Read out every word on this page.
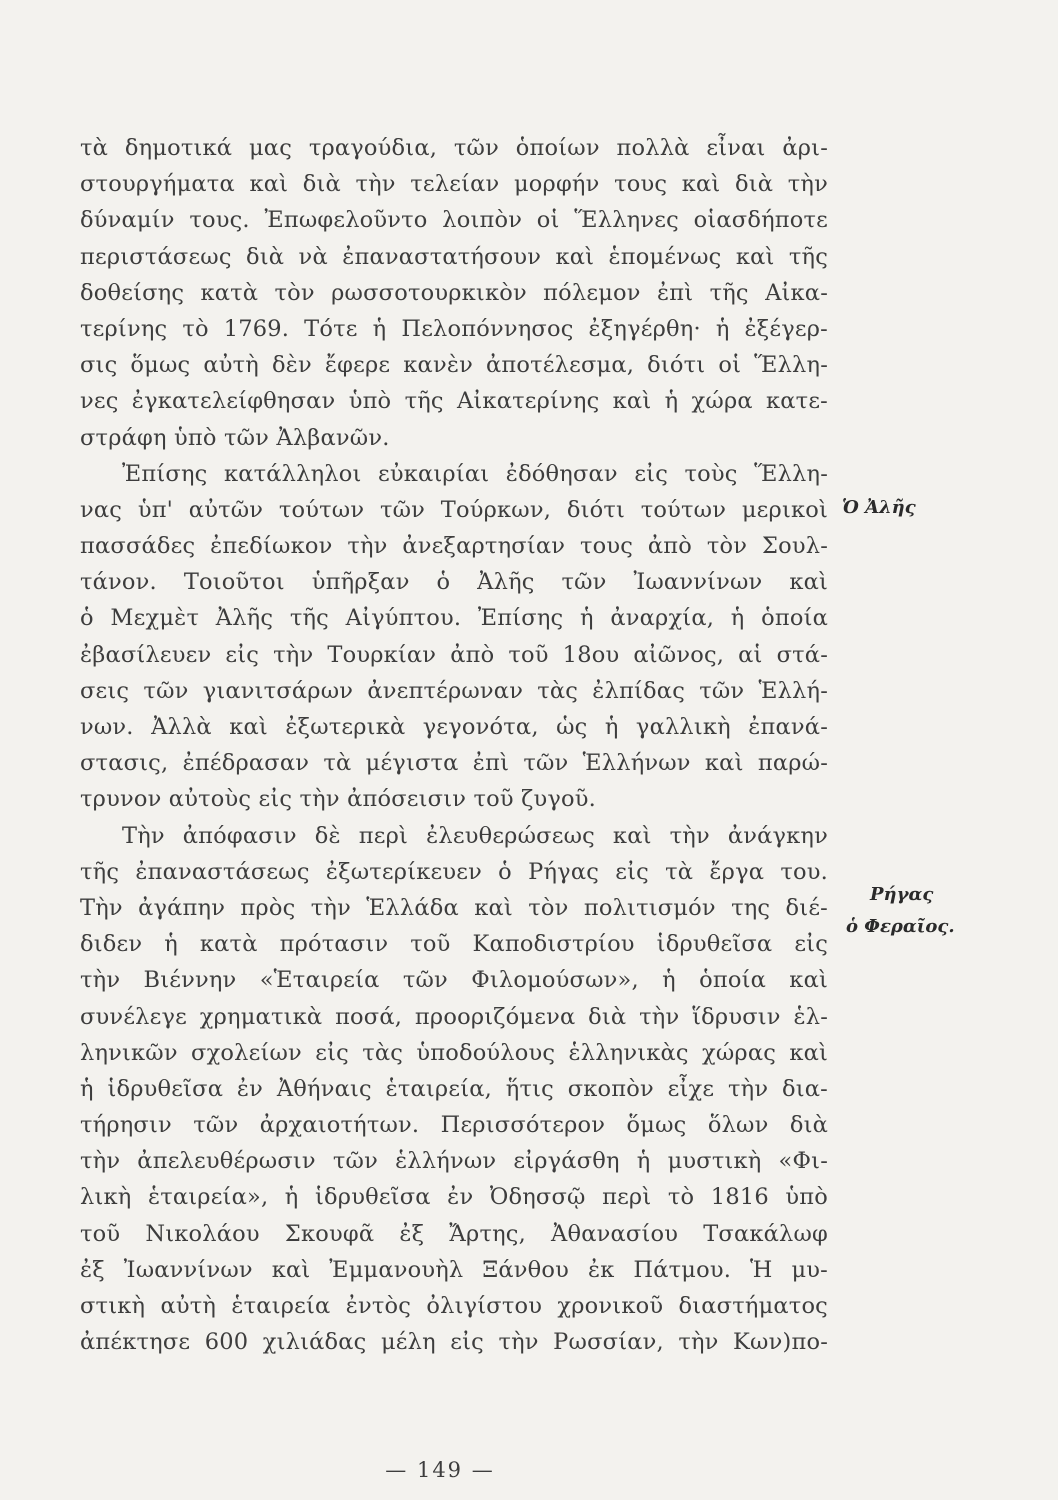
τὰ δημοτικά μας τραγούδια, τῶν ὁποίων πολλὰ εἶναι ἀρι-
στουργήματα καὶ διὰ τὴν τελείαν μορφήν τους καὶ διὰ τὴν
δύναμίν τους. Ἐπωφελοῦντο λοιπὸν οἱ Ἕλληνες οἱασδήποτε
περιστάσεως διὰ νὰ ἐπαναστατήσουν καὶ ἑπομένως καὶ τῆς
δοθείσης κατὰ τὸν ρωσσοτουρκικὸν πόλεμον ἐπὶ τῆς Αἰκα-
τερίνης τὸ 1769. Τότε ἡ Πελοπόννησος ἐξηγέρθη· ἡ ἐξέγερ-
σις ὅμως αὐτὴ δὲν ἔφερε κανὲν ἀποτέλεσμα, διότι οἱ Ἕλλη-
νες ἐγκατελείφθησαν ὑπὸ τῆς Αἰκατερίνης καὶ ἡ χώρα κατε-
στράφη ὑπὸ τῶν Ἀλβανῶν.
Ἐπίσης κατάλληλοι εὐκαιρίαι ἐδόθησαν εἰς τοὺς Ἕλλη-
νας ὑπ' αὐτῶν τούτων τῶν Τούρκων, διότι τούτων μερικοὶ
πασσάδες ἐπεδίωκον τὴν ἀνεξαρτησίαν τους ἀπὸ τὸν Σουλ-
τάνον. Τοιοῦτοι ὑπῆρξαν ὁ Ἀλῆς τῶν Ἰωαννίνων καὶ
ὁ Μεχμὲτ Ἀλῆς τῆς Αἰγύπτου. Ἐπίσης ἡ ἀναρχία, ἡ ὁποία
ἐβασίλευεν εἰς τὴν Τουρκίαν ἀπὸ τοῦ 18ου αἰῶνος, αἱ στά-
σεις τῶν γιανιτσάρων ἀνεπτέρωναν τὰς ἐλπίδας τῶν Ἑλλή-
νων. Ἀλλὰ καὶ ἐξωτερικὰ γεγονότα, ὡς ἡ γαλλικὴ ἐπανά-
στασις, ἐπέδρασαν τὰ μέγιστα ἐπὶ τῶν Ἑλλήνων καὶ παρώ-
τρυνον αὐτοὺς εἰς τὴν ἀπόσεισιν τοῦ ζυγοῦ.
Τὴν ἀπόφασιν δὲ περὶ ἐλευθερώσεως καὶ τὴν ἀνάγκην
τῆς ἐπαναστάσεως ἐξωτερίκευεν ὁ Ρήγας εἰς τὰ ἔργα του.
Τὴν ἀγάπην πρὸς τὴν Ἑλλάδα καὶ τὸν πολιτισμόν της διέ-
διδεν ἡ κατὰ πρότασιν τοῦ Καποδιστρίου ἱδρυθεῖσα εἰς
τὴν Βιέννην «Ἑταιρεία τῶν Φιλομούσων», ἡ ὁποία καὶ
συνέλεγε χρηματικὰ ποσά, προοριζόμενα διὰ τὴν ἵδρυσιν ἑλ-
ληνικῶν σχολείων εἰς τὰς ὑποδούλους ἑλληνικὰς χώρας καὶ
ἡ ἱδρυθεῖσα ἐν Ἀθήναις ἑταιρεία, ἥτις σκοπὸν εἶχε τὴν δια-
τήρησιν τῶν ἀρχαιοτήτων. Περισσότερον ὅμως ὅλων διὰ
τὴν ἀπελευθέρωσιν τῶν ἑλλήνων εἰργάσθη ἡ μυστικὴ «Φι-
λικὴ ἑταιρεία», ἡ ἱδρυθεῖσα ἐν Ὀδησσῷ περὶ τὸ 1816 ὑπὸ
τοῦ Νικολάου Σκουφᾶ ἐξ Ἄρτης, Ἀθανασίου Τσακάλωφ
ἐξ Ἰωαννίνων καὶ Ἐμμανουὴλ Ξάνθου ἐκ Πάτμου. Ἡ μυ-
στικὴ αὐτὴ ἑταιρεία ἐντὸς ὀλιγίστου χρονικοῦ διαστήματος
ἀπέκτησε 600 χιλιάδας μέλη εἰς τὴν Ρωσσίαν, τὴν Κων)πο-
Ὁ Ἀλῆς
Ρήγας
ὁ Φεραῖος.
— 149 —
